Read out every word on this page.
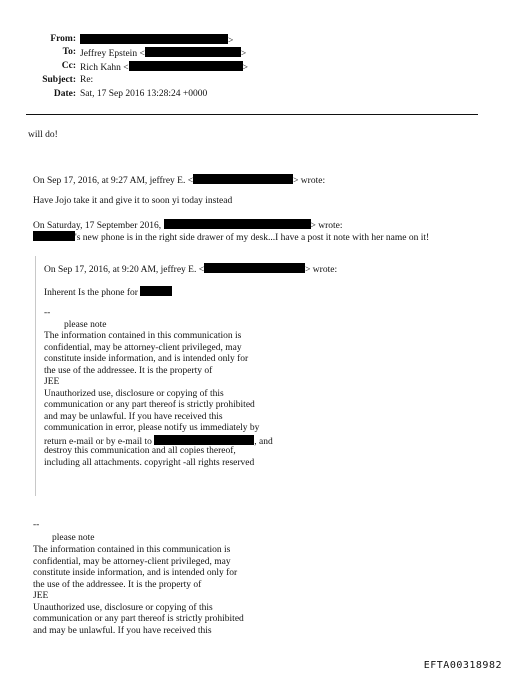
From:	>
To: Jeffrey Epstein <	>
Cc: Rich Kahn <	>
Subject: Re:
Date: Sat, 17 Sep 2016 13:28:24 +0000
will do!
On Sep 17, 2016, at 9:27 AM, jeffrey E. <	> wrote:
Have Jojo take it and give it to soon yi today instead
On Saturday, 17 September 2016,	> wrote:
's new phone is in the right side drawer of my desk...I have a post it note with her name on it!
On Sep 17, 2016, at 9:20 AM, jeffrey E. <	> wrote:
Inherent Is the phone for
--
please note
The information contained in this communication is
confidential, may be attorney-client privileged, may
constitute inside information, and is intended only for
the use of the addressee. It is the property of
JEE
Unauthorized use, disclosure or copying of this
communication or any part thereof is strictly prohibited
and may be unlawful. If you have received this
communication in error, please notify us immediately by
return e-mail or by e-mail to	, and
destroy this communication and all copies thereof,
including all attachments. copyright -all rights reserved
--
please note
The information contained in this communication is
confidential, may be attorney-client privileged, may
constitute inside information, and is intended only for
the use of the addressee. It is the property of
JEE
Unauthorized use, disclosure or copying of this
communication or any part thereof is strictly prohibited
and may be unlawful. If you have received this
EFTA00318982
